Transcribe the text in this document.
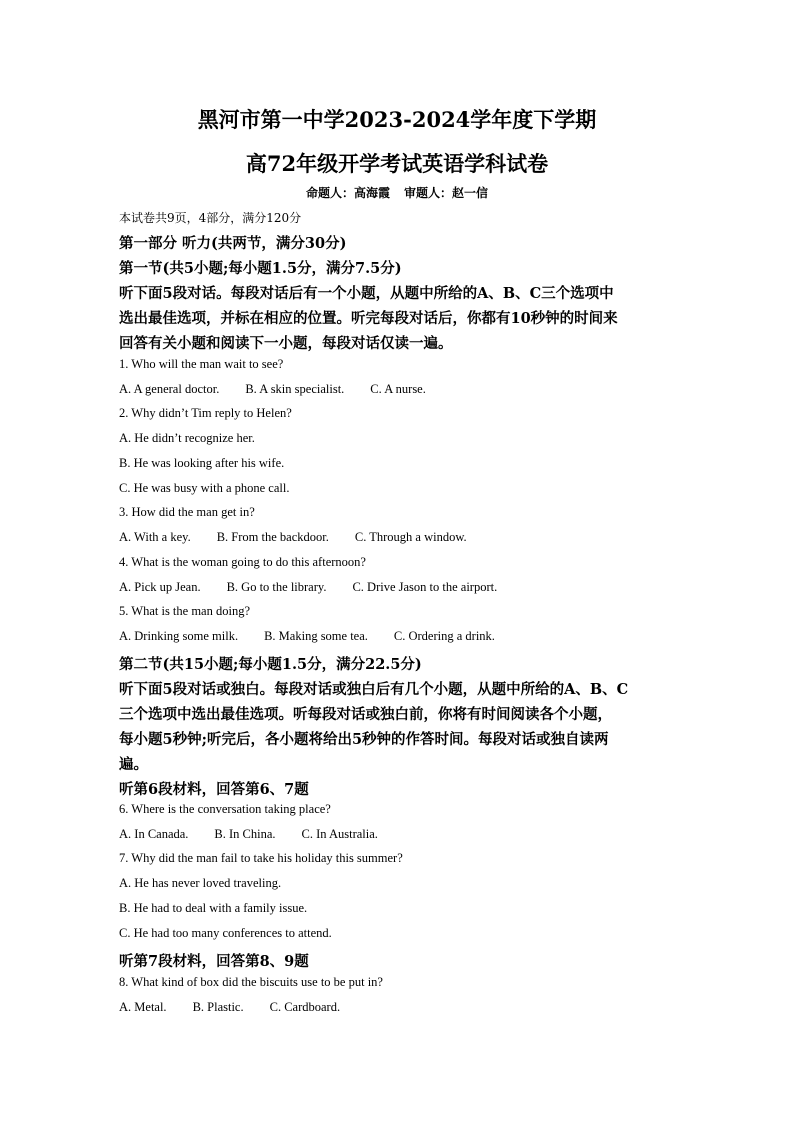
黑河市第一中学2023-2024学年度下学期
高72年级开学考试英语学科试卷
命题人：高海霞 审题人：赵一信
本试卷共9页，4部分，满分120分
第一部分 听力(共两节，满分30分)
第一节(共5小题;每小题1.5分，满分7.5分)
听下面5段对话。每段对话后有一个小题，从题中所给的A、B、C三个选项中
选出最佳选项，并标在相应的位置。听完每段对话后，你都有10秒钟的时间来
回答有关小题和阅读下一小题，每段对话仅读一遍。
1. Who will the man wait to see?
A. A general doctor. B. A skin specialist. C. A nurse.
2. Why didn’t Tim reply to Helen?
A. He didn’t recognize her.
B. He was looking after his wife.
C. He was busy with a phone call.
3. How did the man get in?
A. With a key. B. From the backdoor. C. Through a window.
4. What is the woman going to do this afternoon?
A. Pick up Jean. B. Go to the library. C. Drive Jason to the airport.
5. What is the man doing?
A. Drinking some milk. B. Making some tea. C. Ordering a drink.
第二节(共15小题;每小题1.5分，满分22.5分)
听下面5段对话或独白。每段对话或独白后有几个小题，从题中所给的A、B、C
三个选项中选出最佳选项。听每段对话或独白前，你将有时间阅读各个小题，
每小题5秒钟;听完后，各小题将给出5秒钟的作答时间。每段对话或独自读两
遍。
听第6段材料，回答第6、7题
6. Where is the conversation taking place?
A. In Canada. B. In China. C. In Australia.
7. Why did the man fail to take his holiday this summer?
A. He has never loved traveling.
B. He had to deal with a family issue.
C. He had too many conferences to attend.
听第7段材料，回答第8、9题
8. What kind of box did the biscuits use to be put in?
A. Metal. B. Plastic. C. Cardboard.
